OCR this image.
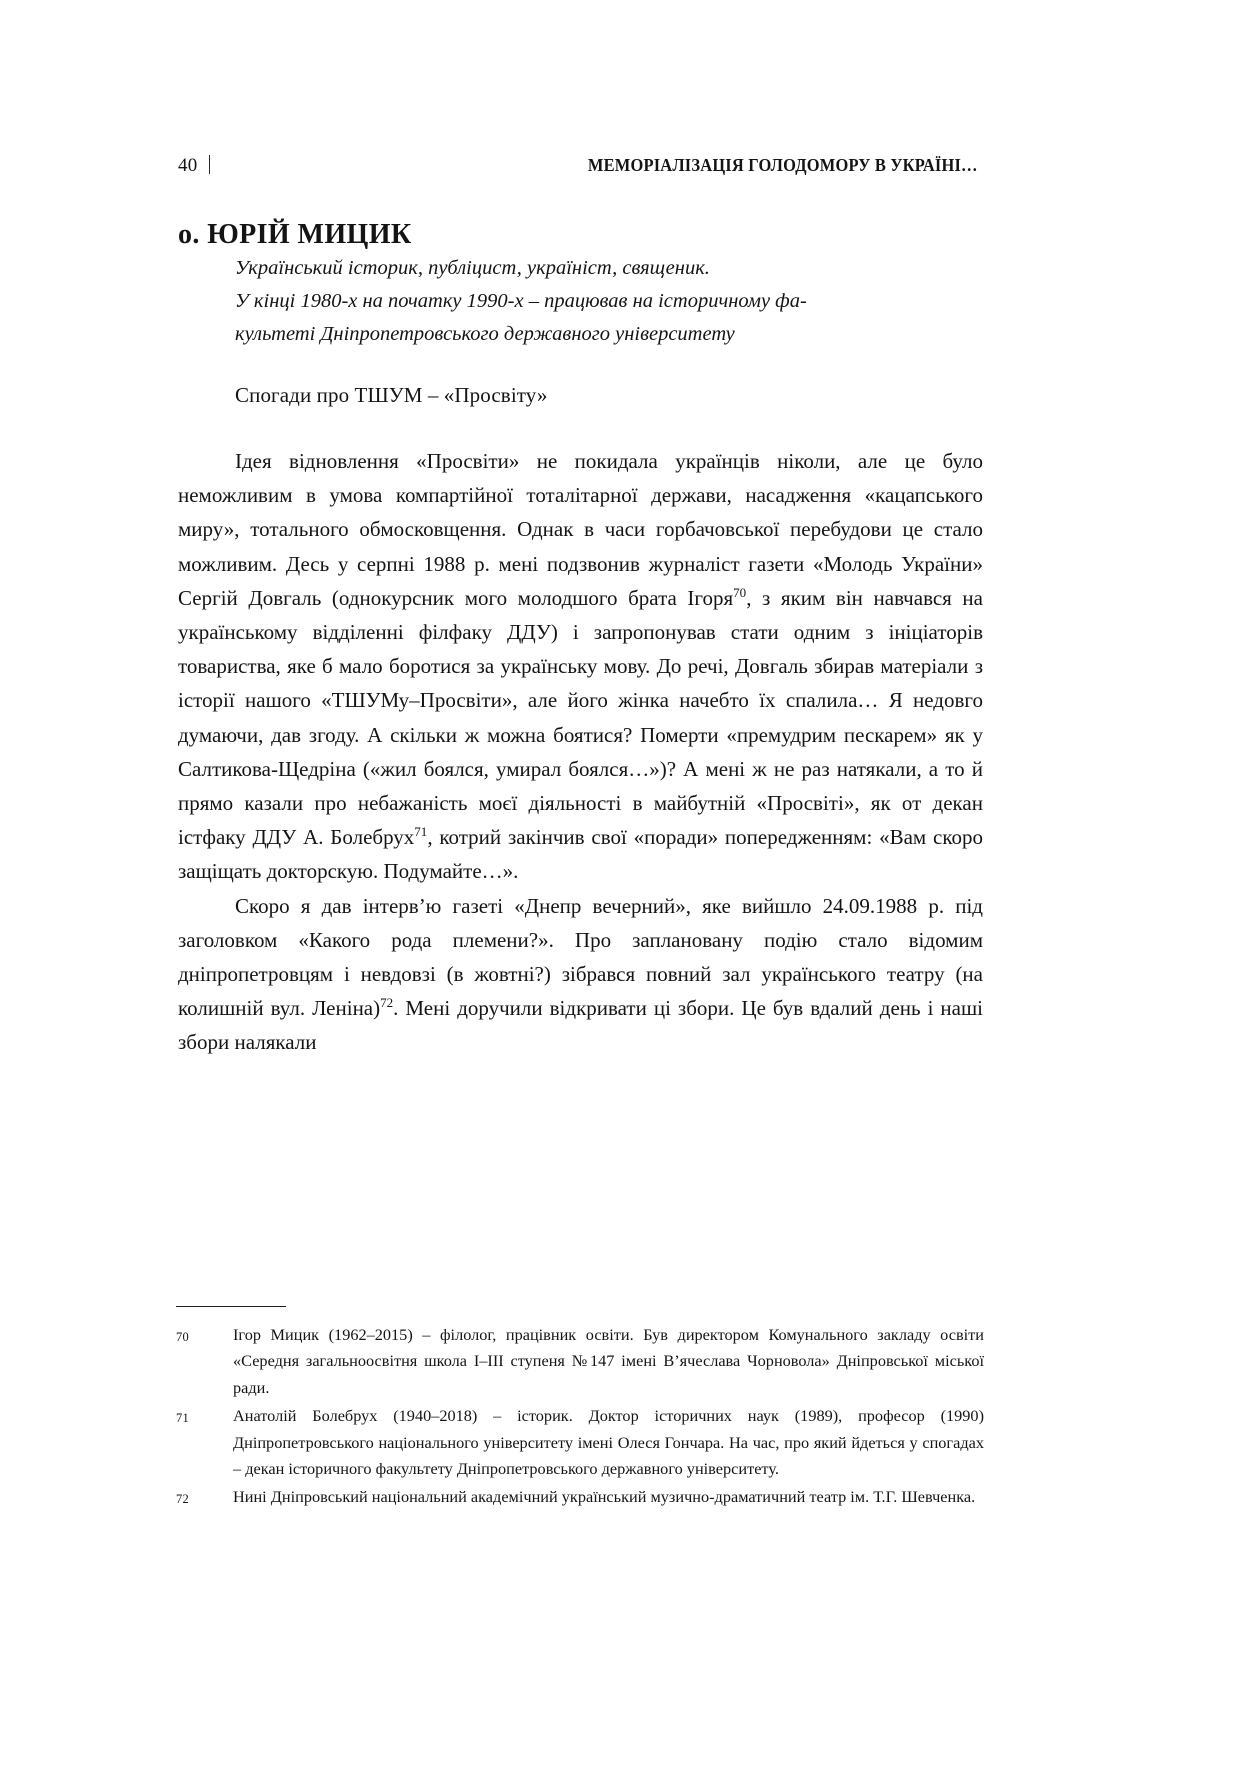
40	МЕМОРІАЛІЗАЦІЯ ГОЛОДОМОРУ В УКРАЇНІ…
о. ЮРІЙ МИЦИК
Український історик, публіцист, україніст, священик.
У кінці 1980-х на початку 1990-х – працював на історичному фа-
культеті Дніпропетровського державного університету
Спогади про ТШУМ – «Просвіту»

Ідея відновлення «Просвіти» не покидала українців ніколи, але це було неможливим в умова компартійної тоталітарної держави, насадження «кацапського миру», тотального обмосковщення. Однак в часи горбачовської перебудови це стало можливим. Десь у серпні 1988 р. мені подзвонив журналіст газети «Молодь України» Сергій Довгаль (однокурсник мого молодшого брата Ігоря$^{70}$, з яким він навчався на українському відділенні філфаку ДДУ) і запропонував стати одним з ініціаторів товариства, яке б мало боротися за українську мову. До речі, Довгаль збирав матеріали з історії нашого «ТШУМу–Просвіти», але його жінка начебто їх спалила… Я недовго думаючи, дав згоду. А скільки ж можна боятися? Померти «премудрим пескарем» як у Салтикова-Щедріна («жил боялся, умирал боялся…»)? А мені ж не раз натякали, а то й прямо казали про небажаність моєї діяльності в майбутній «Просвіті», як от декан істфаку ДДУ А. Болебрух$^{71}$, котрий закінчив свої «поради» попередженням: «Вам скоро защіщать докторскую. Подумайте…».

Скоро я дав інтерв’ю газеті «Днепр вечерний», яке вийшло 24.09.1988 р. під заголовком «Какого рода племени?». Про заплановану подію стало відомим дніпропетровцям і невдовзі (в жовтні?) зібрався повний зал українського театру (на колишній вул. Леніна)$^{72}$. Мені доручили відкривати ці збори. Це був вдалий день і наші збори налякали

70	Ігор Мицик (1962–2015) – філолог, працівник освіти. Був директором Комунального закладу освіти «Середня загальноосвітня школа І–ІІІ ступеня №147 імені В’ячеслава Чорновола» Дніпровської міської ради.
71	Анатолій Болебрух (1940–2018) – історик. Доктор історичних наук (1989), професор (1990) Дніпропетровського національного університету імені Олеся Гончара. На час, про який йдеться у спогадах – декан історичного факультету Дніпропетровського державного університету.
72	Нині Дніпровський національний академічний український музично-драматичний театр ім. Т.Г. Шевченка.
